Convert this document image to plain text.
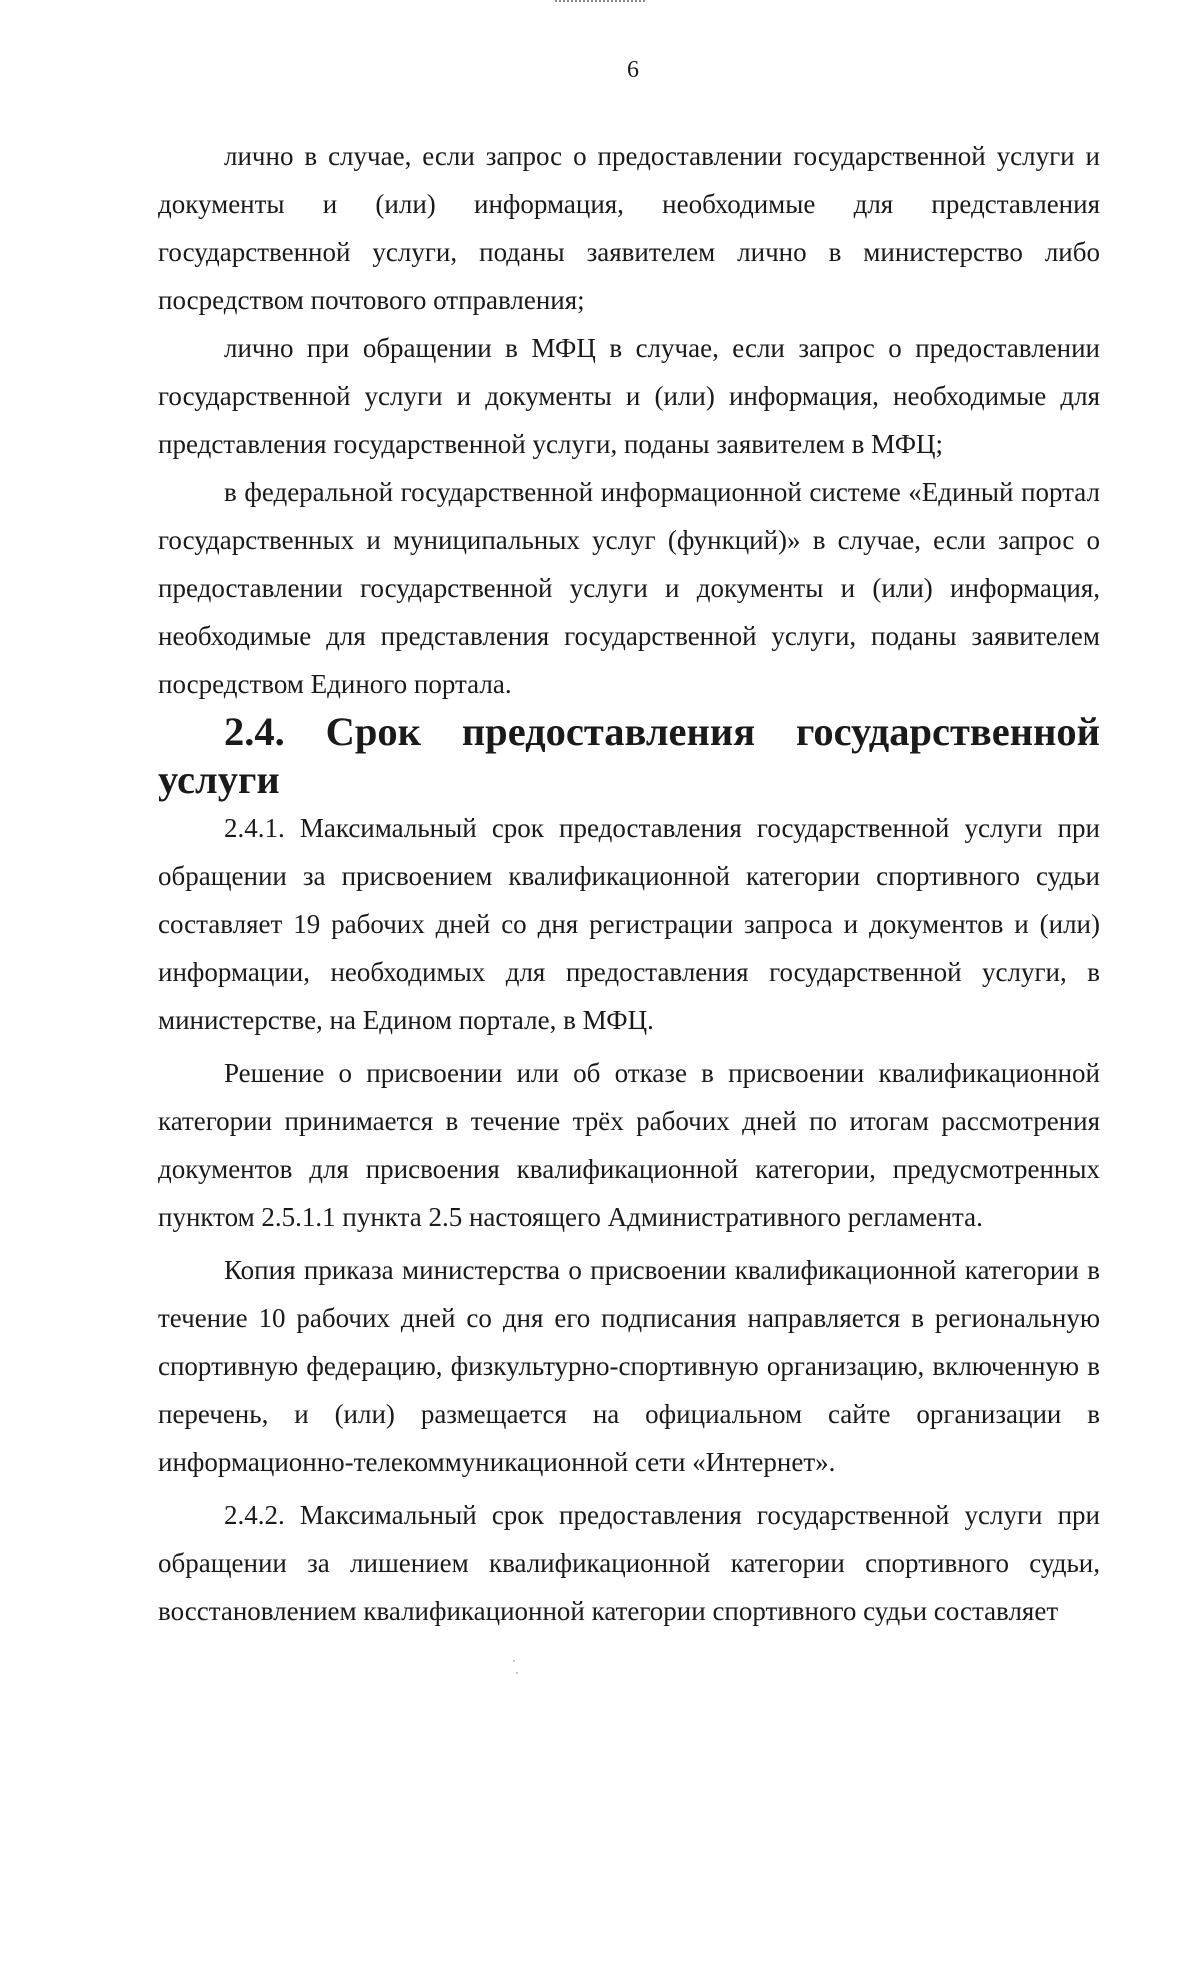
6

лично в случае, если запрос о предоставлении государственной услуги и документы и (или) информация, необходимые для представления государственной услуги, поданы заявителем лично в министерство либо посредством почтового отправления;

лично при обращении в МФЦ в случае, если запрос о предоставлении государственной услуги и документы и (или) информация, необходимые для представления государственной услуги, поданы заявителем в МФЦ;

в федеральной государственной информационной системе «Единый портал государственных и муниципальных услуг (функций)» в случае, если запрос о предоставлении государственной услуги и документы и (или) информация, необходимые для представления государственной услуги, поданы заявителем посредством Единого портала.

2.4. Срок предоставления государственной услуги

2.4.1. Максимальный срок предоставления государственной услуги при обращении за присвоением квалификационной категории спортивного судьи составляет 19 рабочих дней со дня регистрации запроса и документов и (или) информации, необходимых для предоставления государственной услуги, в министерстве, на Едином портале, в МФЦ.

Решение о присвоении или об отказе в присвоении квалификационной категории принимается в течение трёх рабочих дней по итогам рассмотрения документов для присвоения квалификационной категории, предусмотренных пунктом 2.5.1.1 пункта 2.5 настоящего Административного регламента.

Копия приказа министерства о присвоении квалификационной категории в течение 10 рабочих дней со дня его подписания направляется в региональную спортивную федерацию, физкультурно-спортивную организацию, включенную в перечень, и (или) размещается на официальном сайте организации в информационно-телекоммуникационной сети «Интернет».

2.4.2. Максимальный срок предоставления государственной услуги при обращении за лишением квалификационной категории спортивного судьи, восстановлением квалификационной категории спортивного судьи составляет
